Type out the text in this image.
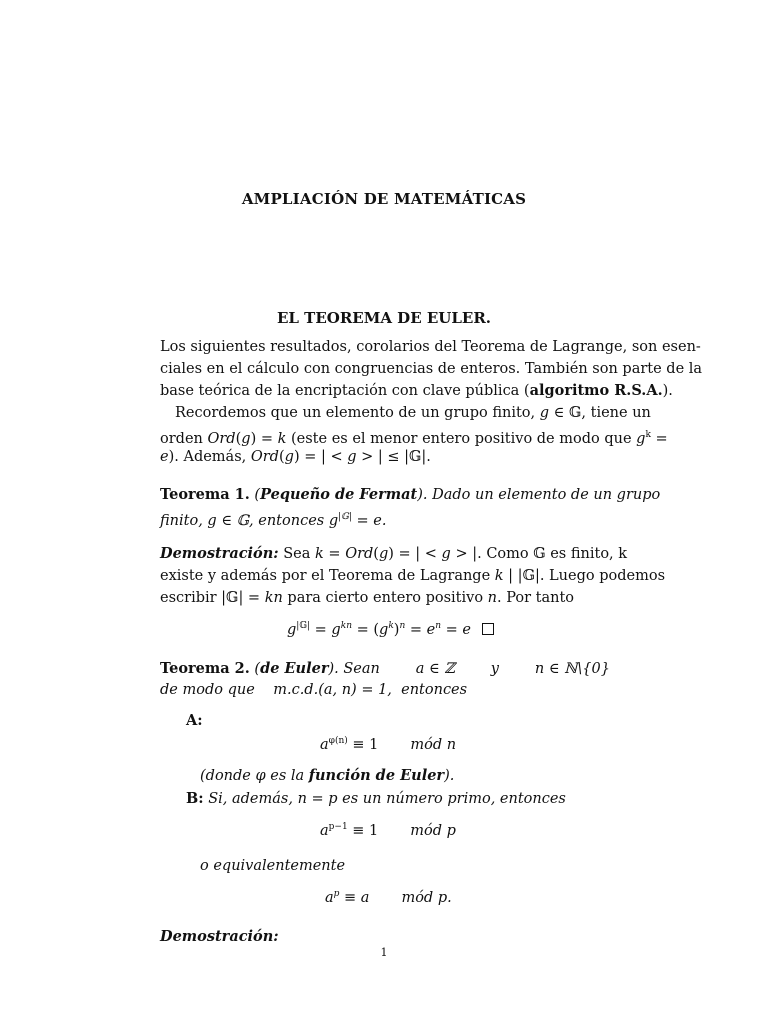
AMPLIACIÓN DE MATEMÁTICAS
EL TEOREMA DE EULER.
Los siguientes resultados, corolarios del Teorema de Lagrange, son esen-
ciales en el cálculo con congruencias de enteros. También son parte de la
base teórica de la encriptación con clave pública (algoritmo R.S.A.).
Recordemos que un elemento de un grupo finito, g ∈ 𝔾, tiene un
orden Ord(g) = k (este es el menor entero positivo de modo que $g^k$ =
e). Además, Ord(g) = | < g > | ≤ |𝔾|.
Teorema 1. (Pequeño de Fermat). Dado un elemento de un grupo
finito, g ∈ 𝔾, entonces $g^{|𝔾|} = e$.
Demostración: Sea k = Ord(g) = | < g > |. Como 𝔾 es finito, k
existe y además por el Teorema de Lagrange k | |𝔾|. Luego podemos
escribir |𝔾| = kn para cierto entero positivo n. Por tanto
$g^{|𝔾|} = g^{kn} = (g^k)^n = e^n = e$
Teorema 2. (de Euler). Sean a ∈ ℤ y n ∈ ℕ\{0}
de modo que    m.c.d.(a, n) = 1,  entonces
A:
$a^{\varphi(n)} \equiv 1$ mód n
(donde φ es la función de Euler).
B: Si, además, n = p es un número primo, entonces
$a^{p-1} \equiv 1$ mód p
o equivalentemente
$a^p \equiv a$ mód p.
Demostración:
1
